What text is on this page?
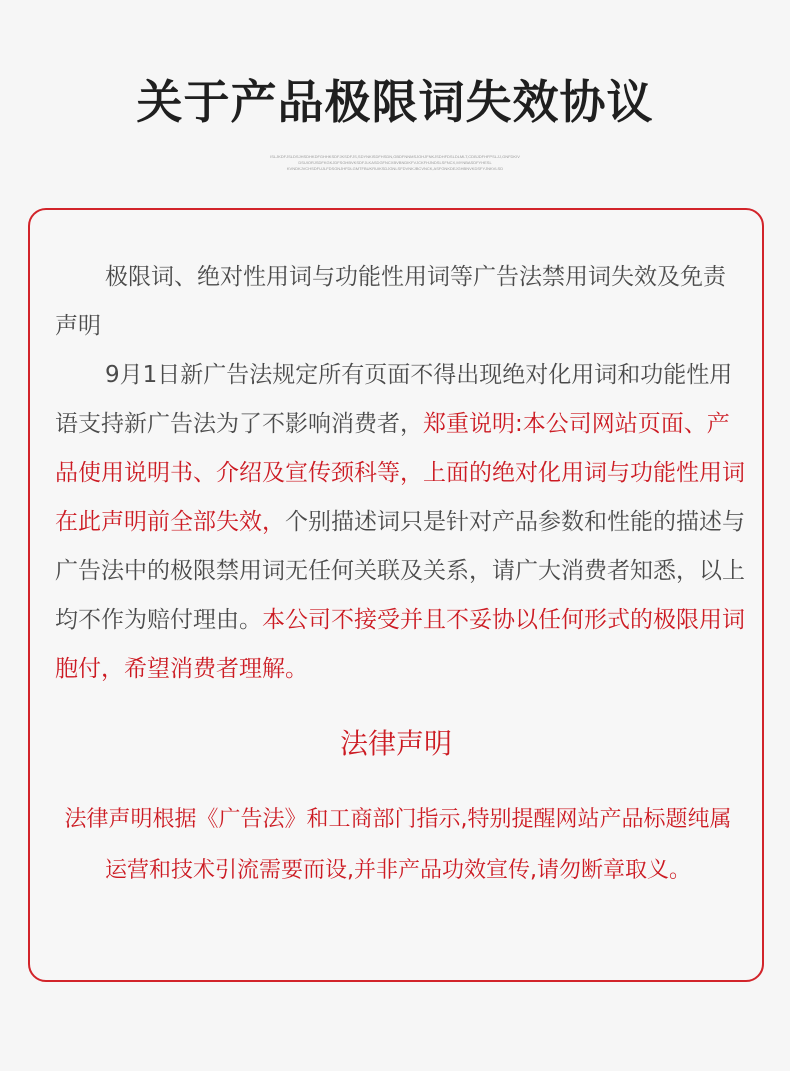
关于产品极限词失效协议
ISLJKDFJSLDSJHSDHKDFGHHKSDFJKSDFJS,SDYNKISDFHSDN,GBDFNNMSJOHJFNKJSDHFDSLDLMLT,CDBJDFHFPSLJJ,GNFDKIV
DSUIORJSDFKGKJDFSGHBVKSDFJLKASDGFNCXBVBNDIKFVJCKFHJNDSLSFNCX,MYNBASDFYHESL
KVNDKJVCHSDFUJLFDSGNJHFDLGMTFBUKRUIKSDJGNLSFDVNKJBCVNCK,ASFGNKDEJGHBNVKDSFYJNKVLSD

极限词、绝对性用词与功能性用词等广告法禁用词失效及免责声明

9月1日新广告法规定所有页面不得出现绝对化用词和功能性用语支持新广告法为了不影响消费者，郑重说明:本公司网站页面、产品使用说明书、介绍及宣传颈科等，上面的绝对化用词与功能性用词在此声明前全部失效，个别描述词只是针对产品参数和性能的描述与广告法中的极限禁用词无任何关联及关系，请广大消费者知悉，以上均不作为赔付理由。本公司不接受并且不妥协以任何形式的极限用词胞付，希望消费者理解。

法律声明

法律声明根据《广告法》和工商部门指示,特别提醒网站产品标题纯属运营和技术引流需要而设,并非产品功效宣传,请勿断章取义。
